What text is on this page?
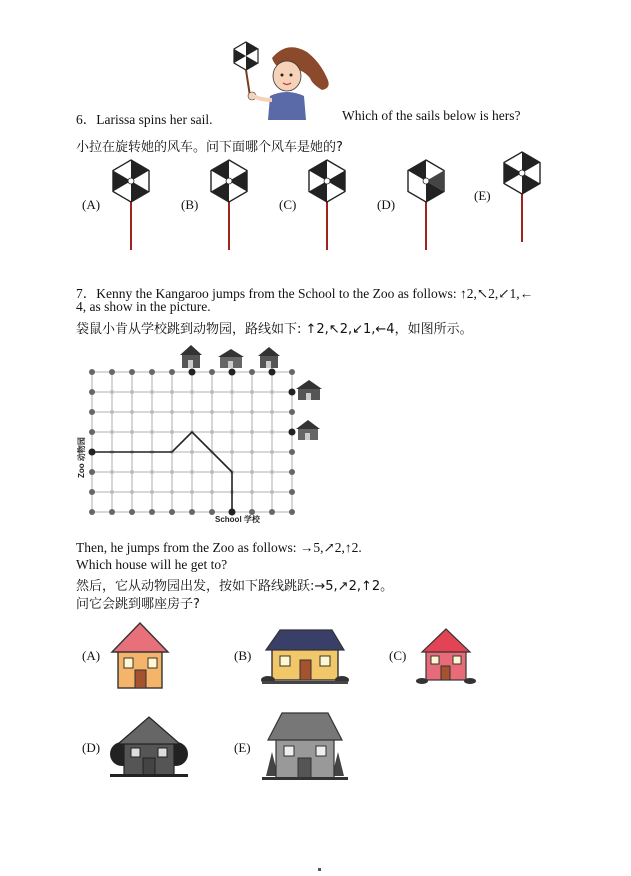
6．Larissa spins her sail.	Which of the sails below is hers?
小拉在旋转她的风车。问下面哪个风车是她的?
(A)	(B)	(C)	(D)
(E)
7．Kenny the Kangaroo jumps from the School to the Zoo as follows: ↑2,↖2,↙1,←
4, as show in the picture.
袋鼠小肯从学校跳到动物园，路线如下: ↑2,↖2,↙1,←4，如图所示。
Zoo 动物园
School 学校
Then, he jumps from the Zoo as follows: →5,↗2,↑2.
Which house will he get to?
然后，它从动物园出发，按如下路线跳跃:→5,↗2,↑2。
问它会跳到哪座房子?
(A)	(B)	(C)
(D)	(E)
